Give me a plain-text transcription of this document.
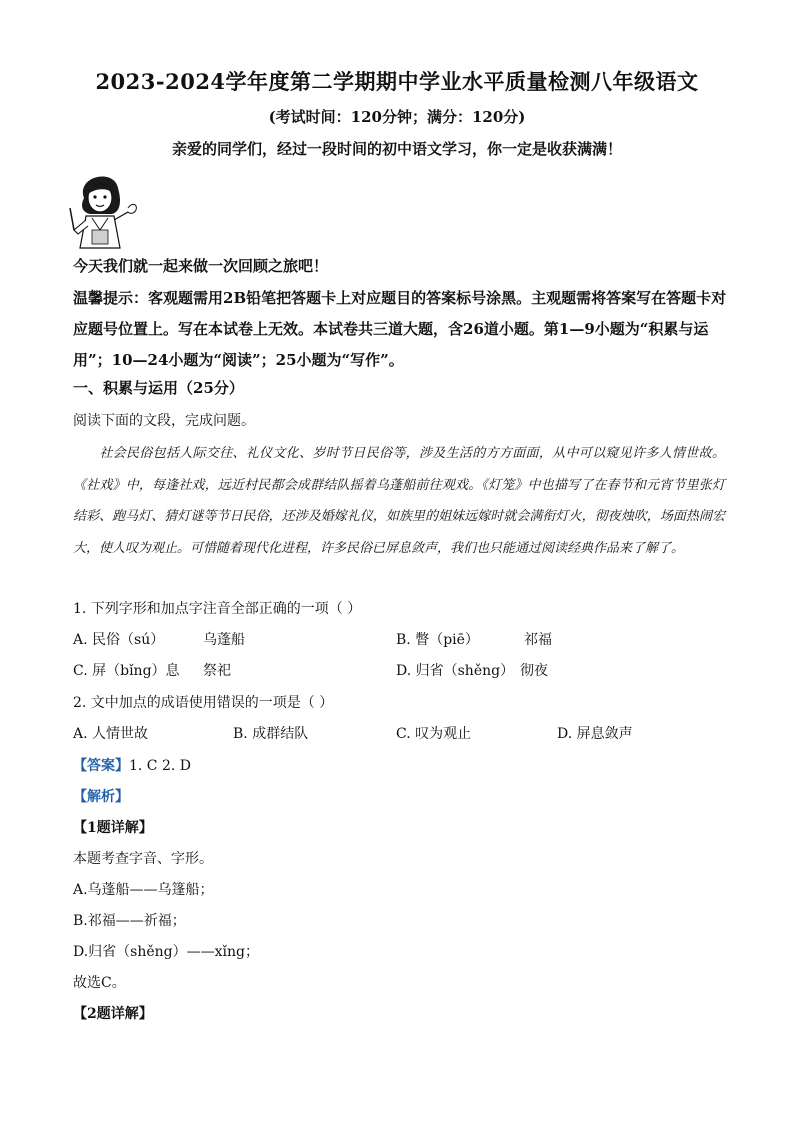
2023-2024学年度第二学期期中学业水平质量检测八年级语文
(考试时间：120分钟；满分：120分)
亲爱的同学们，经过一段时间的初中语文学习，你一定是收获满满！
今天我们就一起来做一次回顾之旅吧！
温馨提示：客观题需用2B铅笔把答题卡上对应题目的答案标号涂黑。主观题需将答案写在答题卡对应题号位置上。写在本试卷上无效。本试卷共三道大题，含26道小题。第1—9小题为“积累与运用”；10—24小题为“阅读”；25小题为“写作”。
一、积累与运用（25分）
阅读下面的文段，完成问题。
社会民俗包括人际交往、礼仪文化、岁时节日民俗等，涉及生活的方方面面，从中可以窥见许多人情世故。《社戏》中，每逢社戏，远近村民都会成群结队摇着乌蓬船前往观戏。《灯笼》中也描写了在春节和元宵节里张灯结彩、跑马灯、猜灯谜等节日民俗，还涉及婚嫁礼仪，如族里的姐妹远嫁时就会满衔灯火，彻夜烛吹，场面热闹宏大，使人叹为观止。可惜随着现代化进程，许多民俗已屏息敛声，我们也只能通过阅读经典作品来了解了。
1. 下列字形和加点字注音全部正确的一项（ ）
A. 民俗（sú）	乌蓬船	B. 瞥（piē）	祁福
C. 屏（bǐng）息 祭祀	D. 归省（shěng） 彻夜
2. 文中加点的成语使用错误的一项是（ ）
A. 人情世故	B. 成群结队	C. 叹为观止	D. 屏息敛声
【答案】1. C 2. D
【解析】
【1题详解】
本题考查字音、字形。
A.乌蓬船——乌篷船；
B.祁福——祈福；
D.归省（shěng）——xǐng；
故选C。
【2题详解】
